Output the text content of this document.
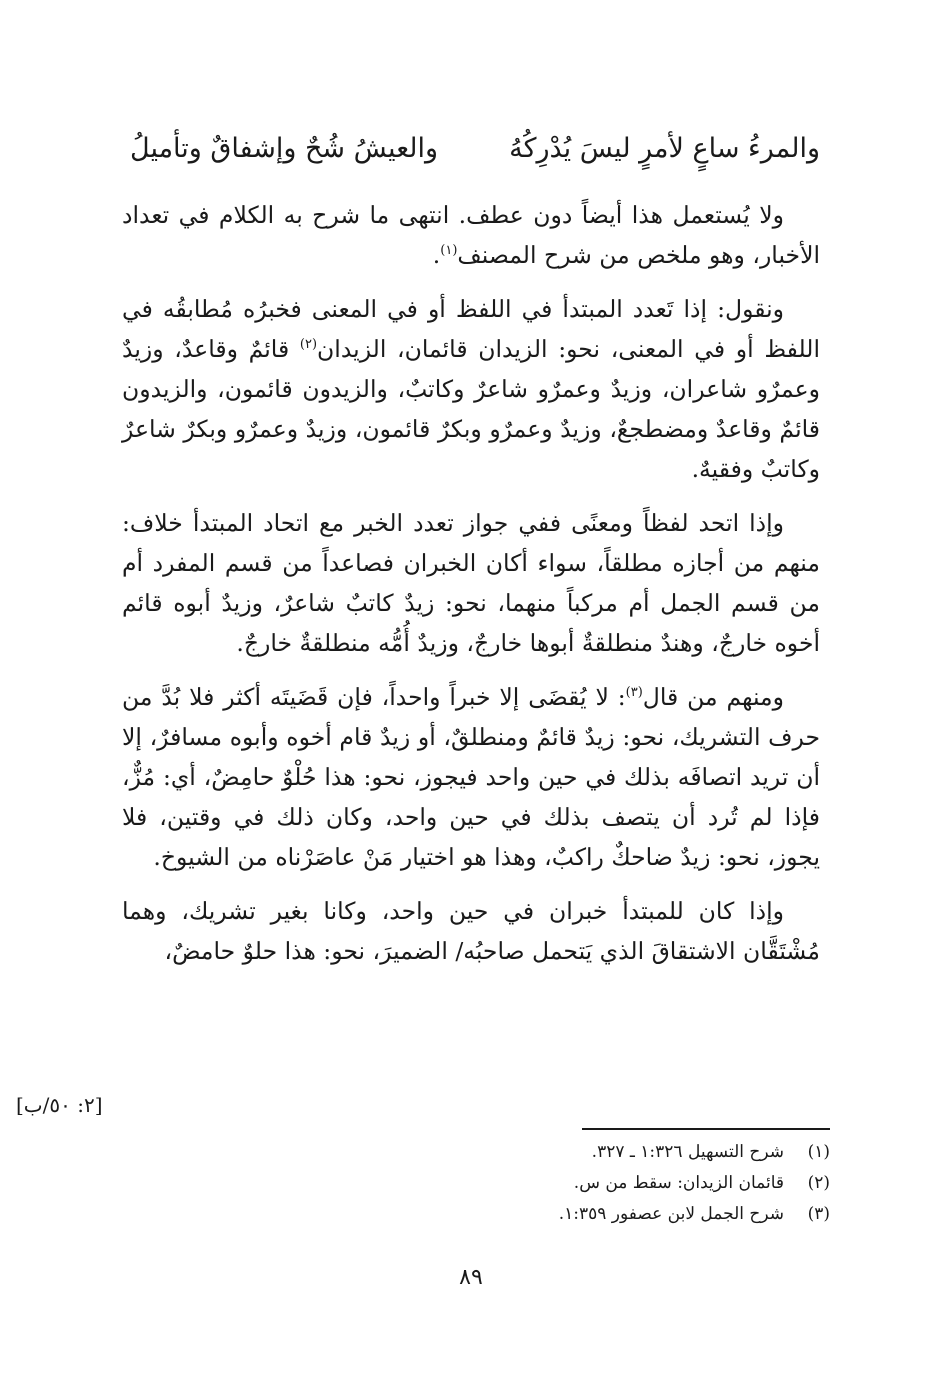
والمرءُ ساعٍ لأمرٍ ليسَ يُدْرِكُهُ
والعيشُ شُحٌ وإشفاقٌ وتأميلُ

ولا يُستعمل هذا أيضاً دون عطف. انتهى ما شرح به الكلام في تعداد الأخبار، وهو ملخص من شرح المصنف$^{(١)}$.

ونقول: إذا تَعدد المبتدأ في اللفظ أو في المعنى فخبرُه مُطابقُه في اللفظ أو في المعنى، نحو: الزيدان قائمان، الزيدان$^{(٢)}$ قائمٌ وقاعدٌ، وزيدٌ وعمرٌو شاعران، وزيدٌ وعمرٌو شاعرٌ وكاتبٌ، والزيدون قائمون، والزيدون قائمٌ وقاعدٌ ومضطجعٌ، وزيدٌ وعمرٌو وبكرٌ قائمون، وزيدٌ وعمرٌو وبكرٌ شاعرٌ وكاتبٌ وفقيهٌ.

وإذا اتحد لفظاً ومعنًى ففي جواز تعدد الخبر مع اتحاد المبتدأ خلاف: منهم من أجازه مطلقاً، سواء أكان الخبران فصاعداً من قسم المفرد أم من قسم الجمل أم مركباً منهما، نحو: زيدٌ كاتبٌ شاعرٌ، وزيدٌ أبوه قائم أخوه خارجٌ، وهندٌ منطلقةٌ أبوها خارجٌ، وزيدٌ أُمُّه منطلقةٌ خارجٌ.

ومنهم من قال$^{(٣)}$: لا يُقضَى إلا خبراً واحداً، فإن قَضَيتَه أكثر فلا بُدَّ من حرف التشريك، نحو: زيدٌ قائمٌ ومنطلقٌ، أو زيدٌ قام أخوه وأبوه مسافرٌ، إلا أن تريد اتصافَه بذلك في حين واحد فيجوز، نحو: هذا حُلْوٌ حامِضٌ، أي: مُزٌّ، فإذا لم تُرد أن يتصف بذلك في حين واحد، وكان ذلك في وقتين، فلا يجوز، نحو: زيدٌ ضاحكٌ راكبٌ، وهذا هو اختيار مَنْ عاصَرْناه من الشيوخ.

وإذا كان للمبتدأ خبران في حين واحد، وكانا بغير تشريك، وهما مُشْتَقَّان الاشتقاقَ الذي يَتحمل صاحبُه/ الضميرَ، نحو: هذا حلوٌ حامضٌ،

[٢: ٥٠/ب]
(١)
شرح التسهيل ١:٣٢٦ ـ ٣٢٧.
(٢)
قائمان الزيدان: سقط من س.
(٣)
شرح الجمل لابن عصفور ١:٣٥٩.
٨٩
